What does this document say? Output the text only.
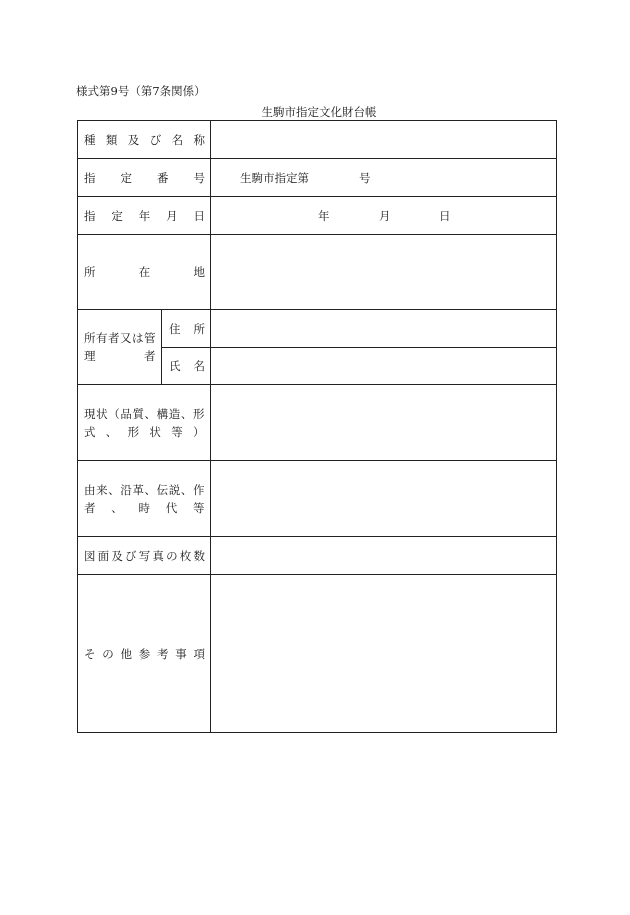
様式第9号（第7条関係）
生駒市指定文化財台帳
種類及び名称		
指定番号		生駒市指定第 号
指定年月日		年 月 日

所在地		
所有者又は管理者	住所	
	氏名	
現状（品質、構造、形式、形状等）		
由来、沿革、伝説、作者、時代等		
図面及び写真の枚数		
その他参考事項		
